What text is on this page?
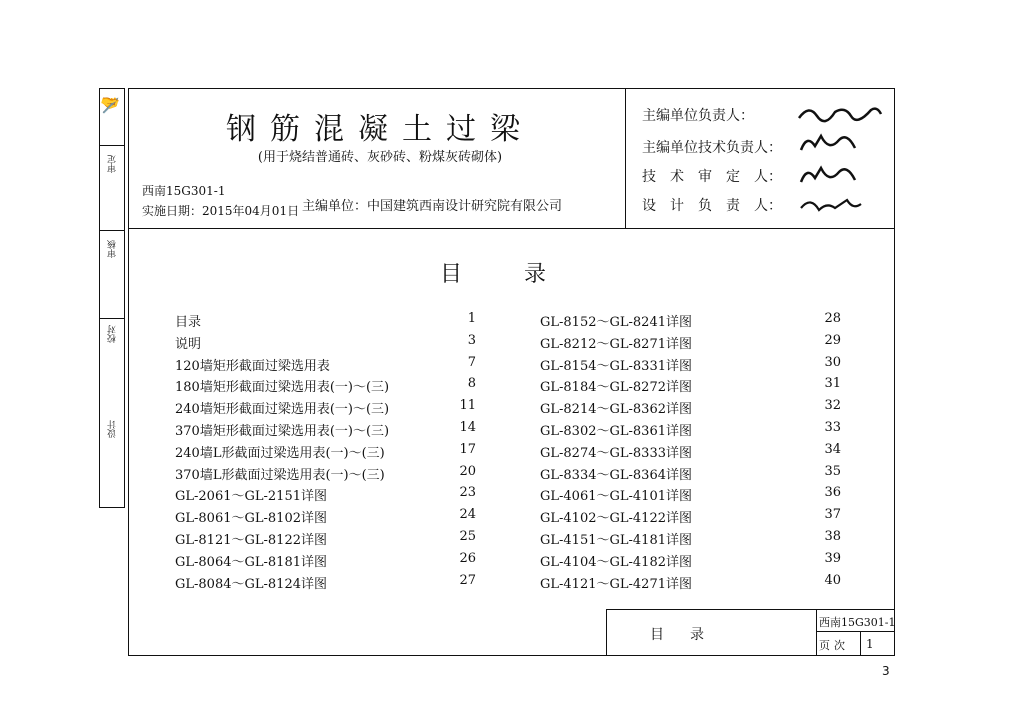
✍
审定
审核
校对
设计
钢筋混凝土过梁
(用于烧结普通砖、灰砂砖、粉煤灰砖砌体)
西南15G301-1
实施日期：2015年04月01日 主编单位：中国建筑西南设计研究院有限公司
主编单位负责人：
主编单位技术负责人：
技　术　审　定　人：
设　计　负　责　人：
目录
目录	1
说明	3
120墙矩形截面过梁选用表	7
180墙矩形截面过梁选用表(一)～(三)	8
240墙矩形截面过梁选用表(一)～(三)	11
370墙矩形截面过梁选用表(一)～(三)	14
240墙L形截面过梁选用表(一)～(三)	17
370墙L形截面过梁选用表(一)～(三)	20
GL-2061～GL-2151详图	23
GL-8061～GL-8102详图	24
GL-8121～GL-8122详图	25
GL-8064～GL-8181详图	26
GL-8084～GL-8124详图	27
GL-8152～GL-8241详图	28
GL-8212～GL-8271详图	29
GL-8154～GL-8331详图	30
GL-8184～GL-8272详图	31
GL-8214～GL-8362详图	32
GL-8302～GL-8361详图	33
GL-8274～GL-8333详图	34
GL-8334～GL-8364详图	35
GL-4061～GL-4101详图	36
GL-4102～GL-4122详图	37
GL-4151～GL-4181详图	38
GL-4104～GL-4182详图	39
GL-4121～GL-4271详图	40
目录
西南15G301-1
页次 1
3
